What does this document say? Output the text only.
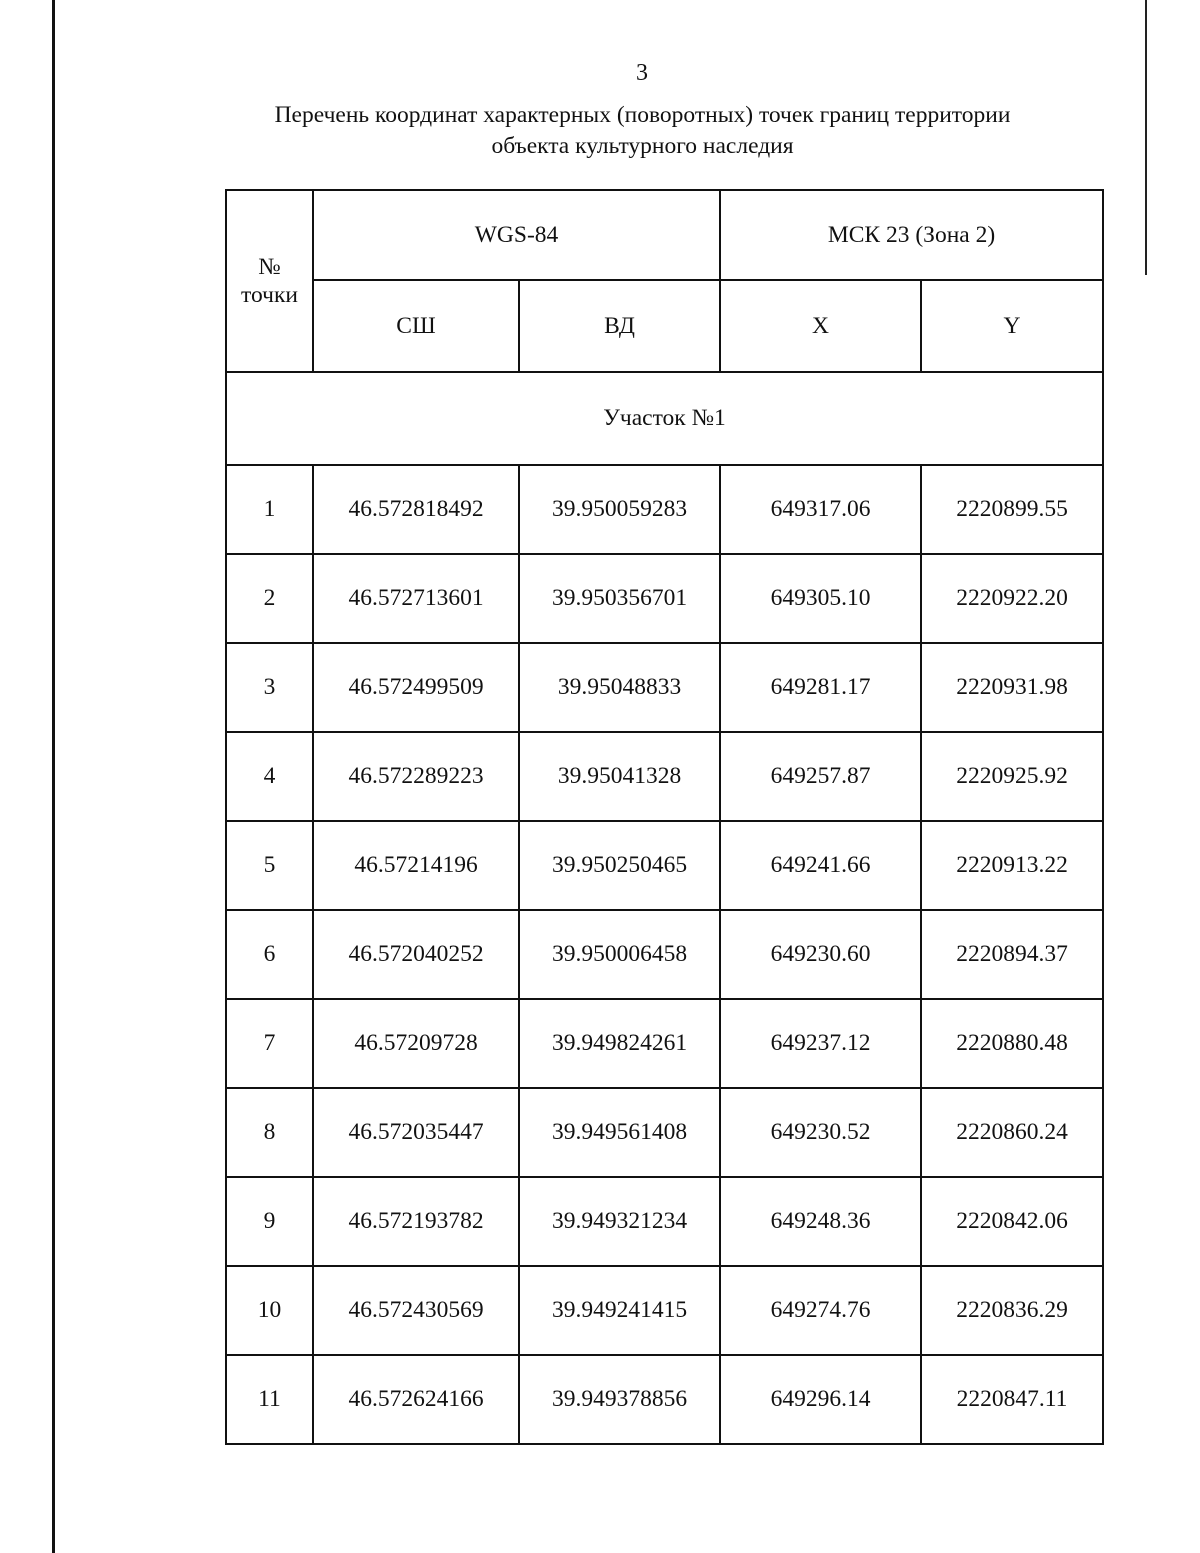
3
Перечень координат характерных (поворотных) точек границ территории
объекта культурного наследия
№
точки	WGS-84		МСК 23 (Зона 2)	
	СШ	ВД	X	Y
Участок №1				
1	46.572818492	39.950059283	649317.06	2220899.55
2	46.572713601	39.950356701	649305.10	2220922.20
3	46.572499509	39.95048833	649281.17	2220931.98
4	46.572289223	39.95041328	649257.87	2220925.92
5	46.57214196	39.950250465	649241.66	2220913.22
6	46.572040252	39.950006458	649230.60	2220894.37
7	46.57209728	39.949824261	649237.12	2220880.48
8	46.572035447	39.949561408	649230.52	2220860.24
9	46.572193782	39.949321234	649248.36	2220842.06
10	46.572430569	39.949241415	649274.76	2220836.29
11	46.572624166	39.949378856	649296.14	2220847.11
